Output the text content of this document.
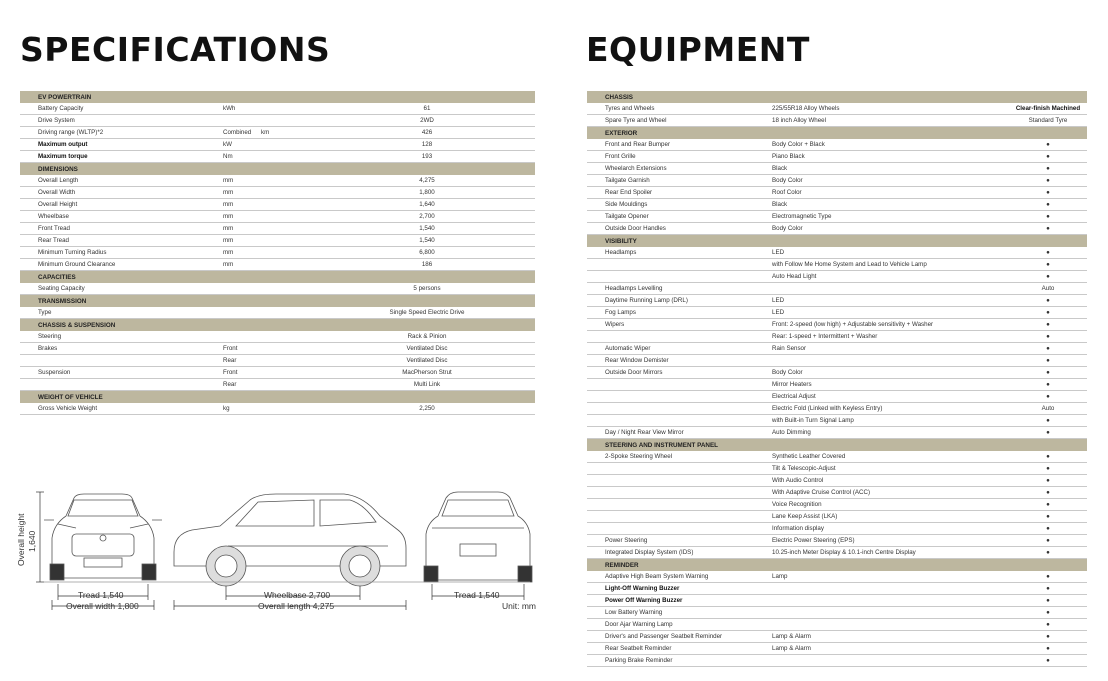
SPECIFICATIONS	EQUIPMENT
EV POWERTRAIN
Battery Capacity	kWh	61
Drive System	2WD
Driving range (WLTP)*2	Combined	km	426
Maximum output	kW	128
Maximum torque	Nm	193
DIMENSIONS
Overall Length	mm	4,275
Overall Width	mm	1,800
Overall Height	mm	1,640
Wheelbase	mm	2,700
Front Tread	mm	1,540
Rear Tread	mm	1,540
Minimum Turning Radius	mm	6,800
Minimum Ground Clearance	mm	186
CAPACITIES
Seating Capacity	5 persons
TRANSMISSION
Type	Single Speed Electric Drive
CHASSIS & SUSPENSION
Steering	Rack & Pinion
Brakes	Front	Ventilated Disc
Rear	Ventilated Disc
Suspension	Front	MacPherson Strut
Rear	Multi Link
WEIGHT OF VEHICLE
Gross Vehicle Weight	kg	2,250
CHASSIS
Tyres and Wheels	225/55R18 Alloy Wheels	Clear-finish Machined
Spare Tyre and Wheel	18 inch Alloy Wheel	Standard Tyre
EXTERIOR
Front and Rear Bumper	Body Color + Black	●
Front Grille	Piano Black	●
Wheelarch Extensions	Black	●
Tailgate Garnish	Body Color	●
Rear End Spoiler	Roof Color	●
Side Mouldings	Black	●
Tailgate Opener	Electromagnetic Type	●
Outside Door Handles	Body Color	●
VISIBILITY
Headlamps	LED	●
with Follow Me Home System and Lead to Vehicle Lamp	●
Auto Head Light	●
Headlamps Levelling	Auto
Daytime Running Lamp (DRL)	LED	●
Fog Lamps	LED	●
Wipers	Front: 2-speed (low high) + Adjustable sensitivity + Washer	●
Rear: 1-speed + Intermittent + Washer	●
Automatic Wiper	Rain Sensor	●
Rear Window Demister	●
Outside Door Mirrors	Body Color	●
Mirror Heaters	●
Electrical Adjust	●
Electric Fold (Linked with Keyless Entry)	Auto
with Built-in Turn Signal Lamp	●
Day / Night Rear View Mirror	Auto Dimming	●
STEERING AND INSTRUMENT PANEL
2-Spoke Steering Wheel	Synthetic Leather Covered	●
Tilt & Telescopic-Adjust	●
With Audio Control	●
With Adaptive Cruise Control (ACC)	●
Voice Recognition	●
Lane Keep Assist (LKA)	●
Information display	●
Power Steering	Electric Power Steering (EPS)	●
Integrated Display System (IDS)	10.25-inch Meter Display & 10.1-inch Centre Display	●
REMINDER
Adaptive High Beam System Warning	Lamp	●
Light-Off Warning Buzzer	●
Power Off Warning Buzzer	●
Low Battery Warning	●
Door Ajar Warning Lamp	●
Driver's and Passenger Seatbelt Reminder	Lamp & Alarm	●
Rear Seatbelt Reminder	Lamp & Alarm	●
Parking Brake Reminder	●
Overall height 1,640
Tread 1,540
Overall width 1,800
Wheelbase 2,700
Overall length 4,275
Tread 1,540
Unit: mm
